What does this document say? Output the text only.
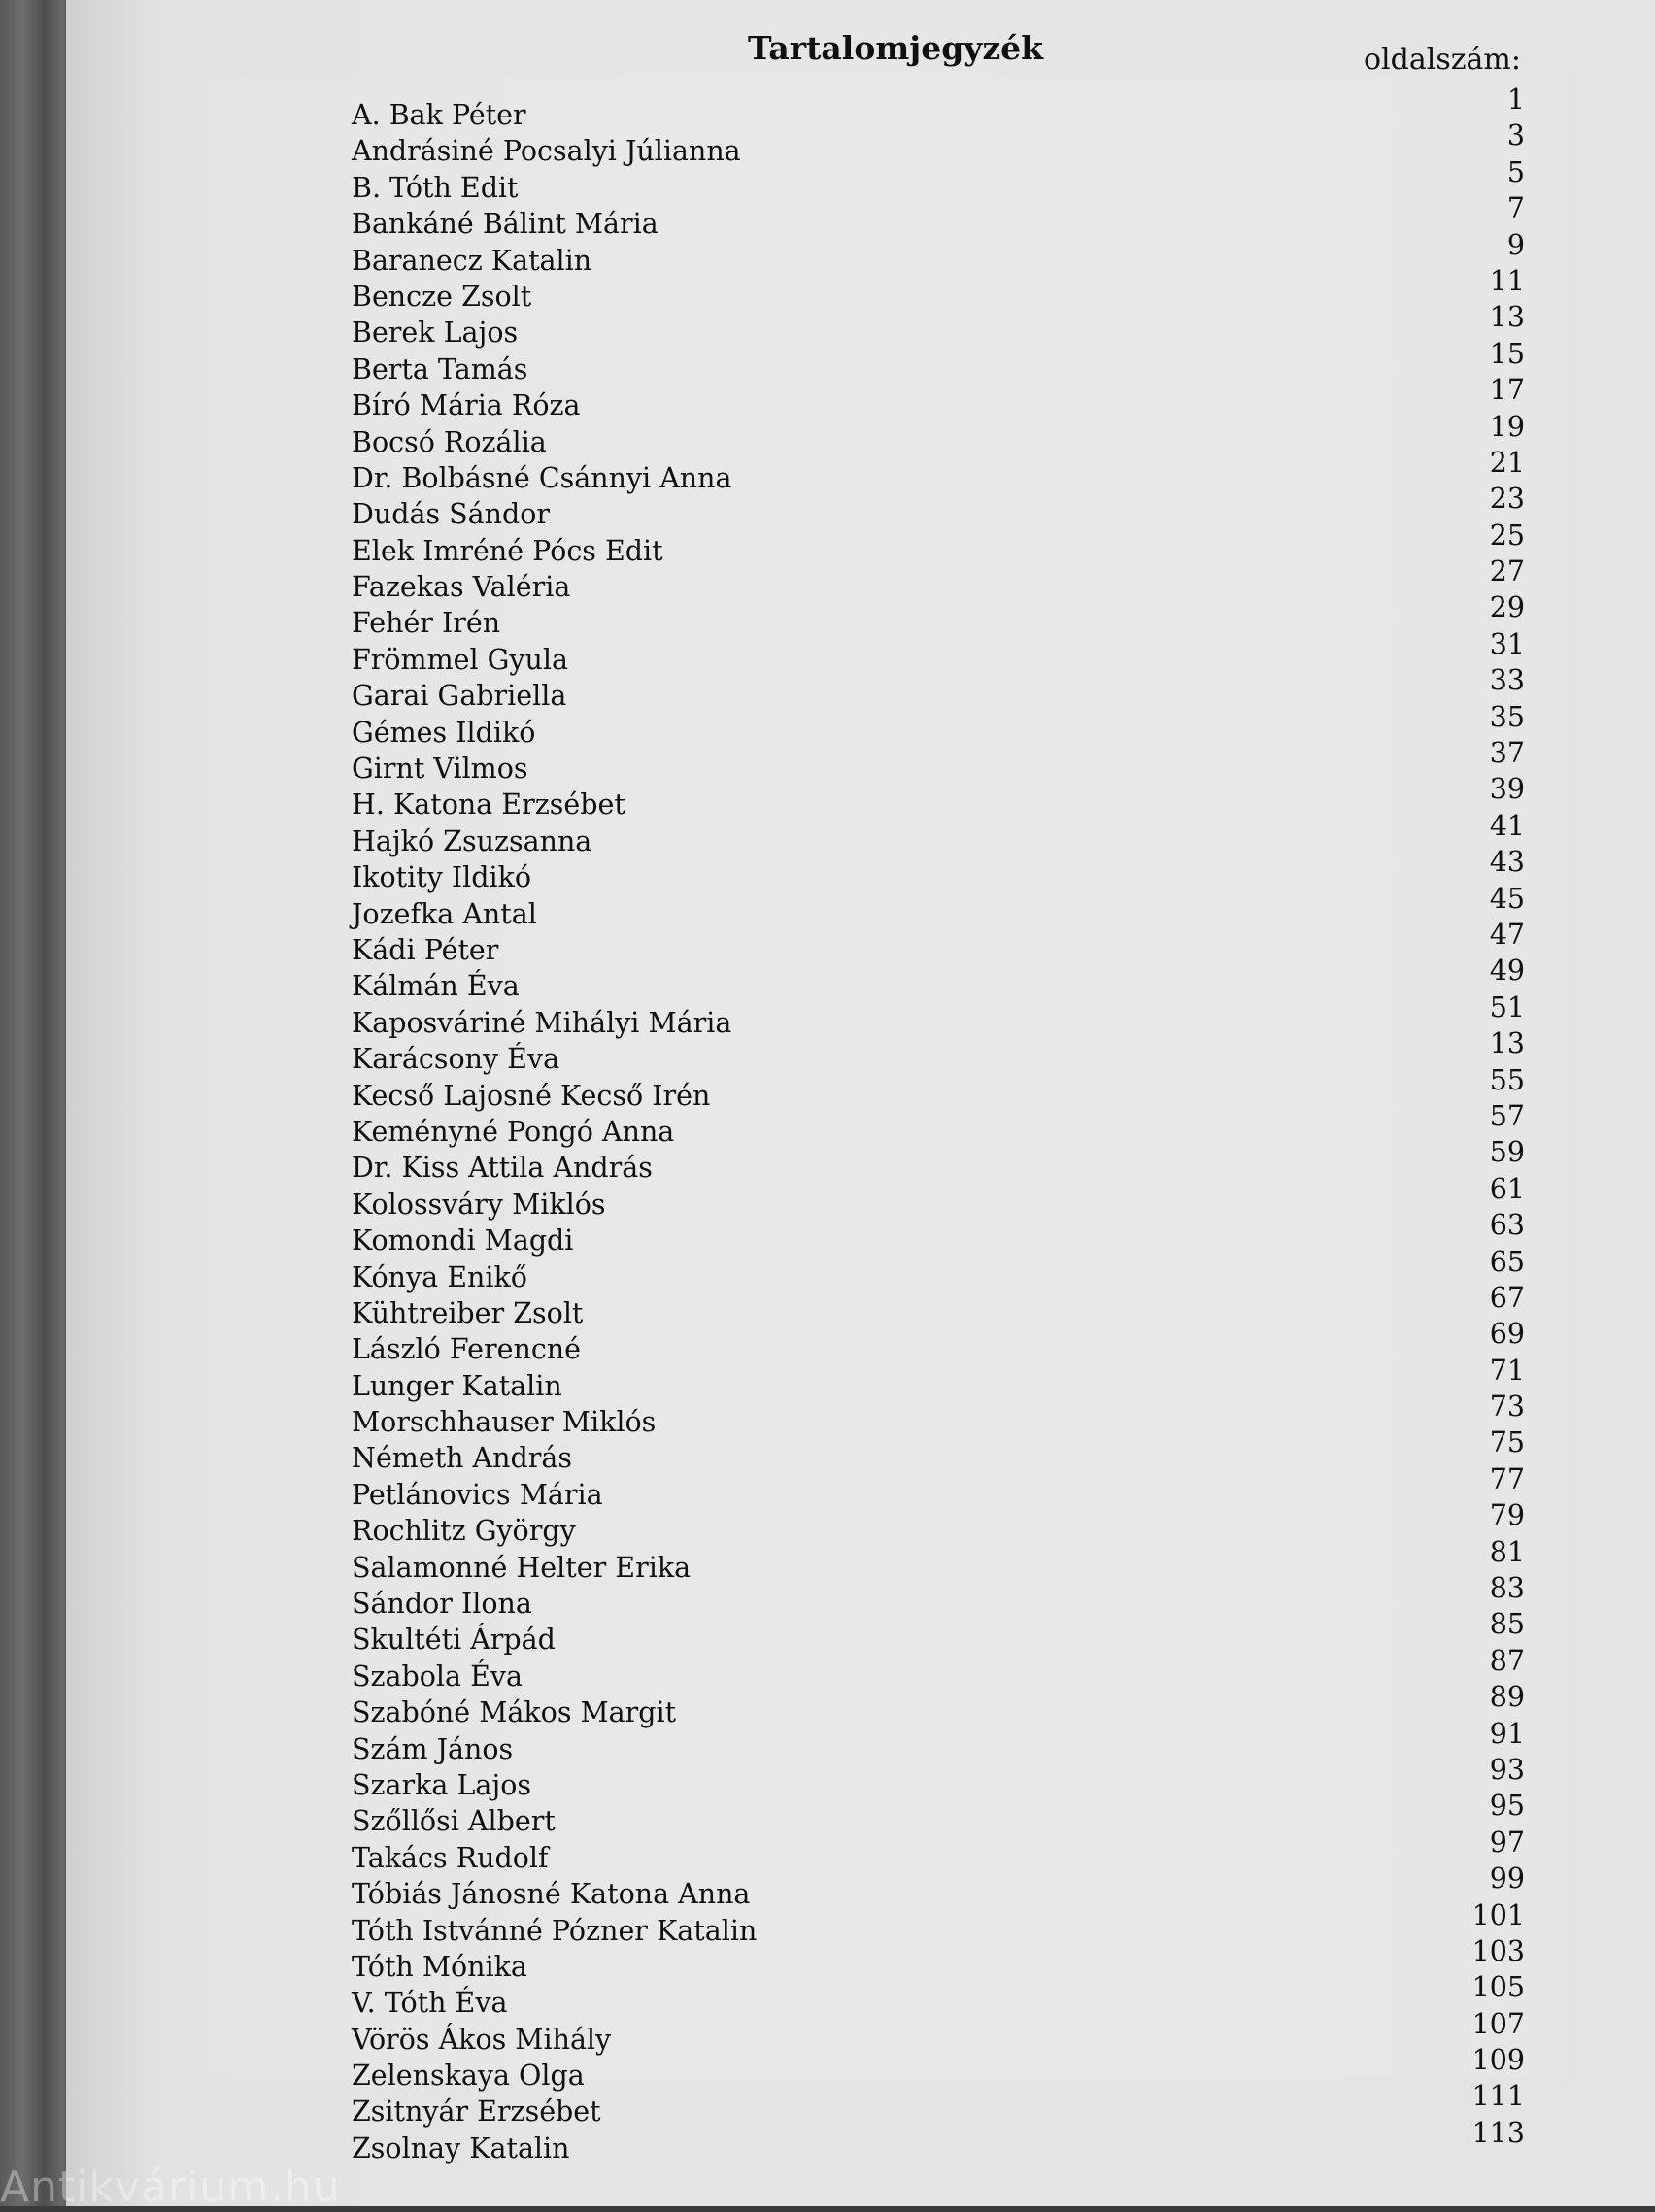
Tartalomjegyzék	oldalszám:
A. Bak Péter	1
Andrásiné Pocsalyi Júlianna	3
B. Tóth Edit	5
Bankáné Bálint Mária	7
Baranecz Katalin	9
Bencze Zsolt	11
Berek Lajos	13
Berta Tamás	15
Bíró Mária Róza	17
Bocsó Rozália	19
Dr. Bolbásné Csánnyi Anna	21
Dudás Sándor	23
Elek Imréné Pócs Edit	25
Fazekas Valéria	27
Fehér Irén	29
Frömmel Gyula	31
Garai Gabriella	33
Gémes Ildikó	35
Girnt Vilmos	37
H. Katona Erzsébet	39
Hajkó Zsuzsanna	41
Ikotity Ildikó	43
Jozefka Antal	45
Kádi Péter	47
Kálmán Éva	49
Kaposváriné Mihályi Mária	51
Karácsony Éva	13
Kecső Lajosné Kecső Irén	55
Keményné Pongó Anna	57
Dr. Kiss Attila András	59
Kolossváry Miklós	61
Komondi Magdi	63
Kónya Enikő	65
Kühtreiber Zsolt	67
László Ferencné	69
Lunger Katalin	71
Morschhauser Miklós	73
Németh András	75
Petlánovics Mária	77
Rochlitz György	79
Salamonné Helter Erika	81
Sándor Ilona	83
Skultéti Árpád	85
Szabola Éva	87
Szabóné Mákos Margit	89
Szám János	91
Szarka Lajos	93
Szőllősi Albert	95
Takács Rudolf	97
Tóbiás Jánosné Katona Anna	99
Tóth Istvánné Pózner Katalin	101
Tóth Mónika	103
V. Tóth Éva	105
Vörös Ákos Mihály	107
Zelenskaya Olga	109
Zsitnyár Erzsébet	111
Zsolnay Katalin	113
Antikvárium.hu
